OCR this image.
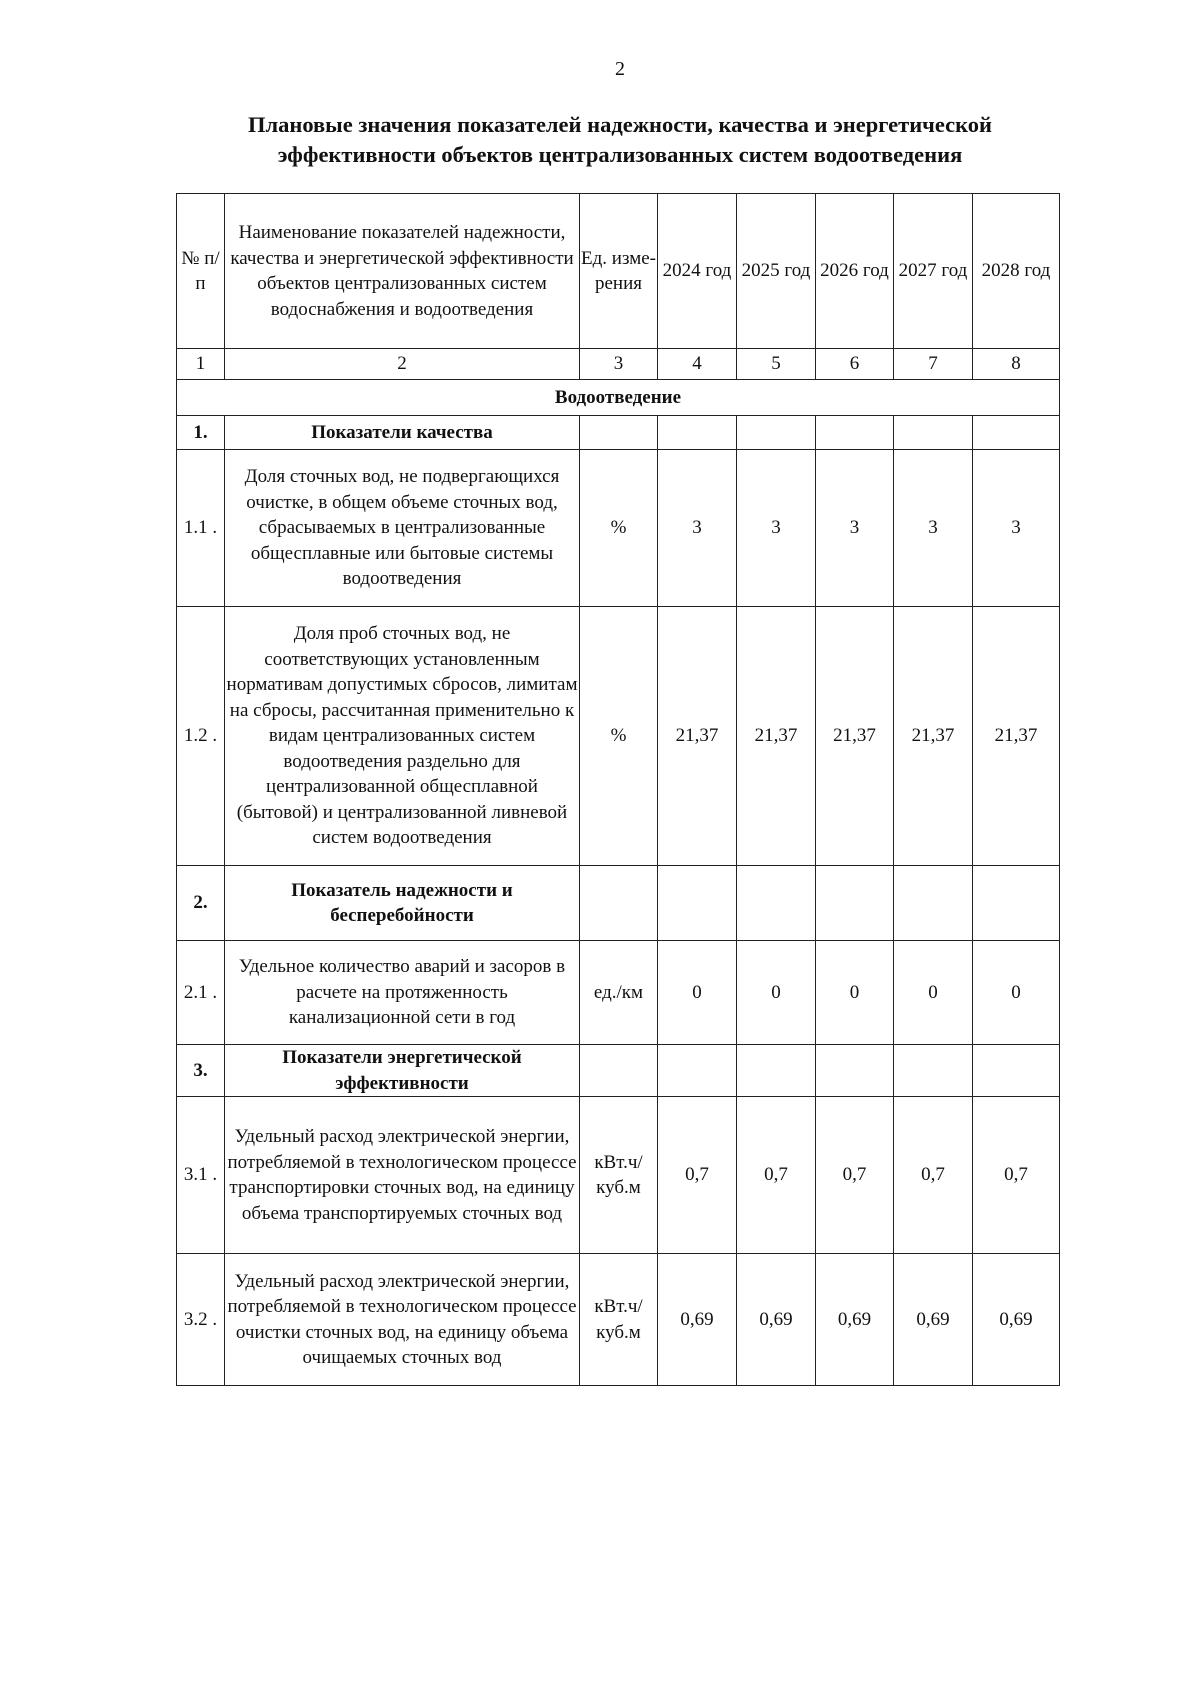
2
Плановые значения показателей надежности, качества и энергетической
эффективности объектов централизованных систем водоотведения
№ п/ п	Наименование показателей надежности, качества и энергетической эффективности объектов централизованных систем водоснабжения и водоотведения	Ед. изме- рения	2024 год	2025 год	2026 год	2027 год	2028 год
1	2	3	4	5	6	7	8
Водоотведение							
1.	Показатели качества						
1.1 .	Доля сточных вод, не подвергающихся очистке, в общем объеме сточных вод, сбрасываемых в централизованные общесплавные или бытовые системы водоотведения	%	3	3	3	3	3
1.2 .	Доля проб сточных вод, не соответствующих установленным нормативам допустимых сбросов, лимитам на сбросы, рассчитанная применительно к видам централизованных систем водоотведения раздельно для централизованной общесплавной (бытовой) и централизованной ливневой систем водоотведения	%	21,37	21,37	21,37	21,37	21,37
2.	Показатель надежности и бесперебойности						
2.1 .	Удельное количество аварий и засоров в расчете на протяженность канализационной сети в год	ед./км	0	0	0	0	0
3.	Показатели энергетической эффективности						
3.1 .	Удельный расход электрической энергии, потребляемой в технологическом процессе транспортировки сточных вод, на единицу объема транспортируемых сточных вод	кВт.ч/ куб.м	0,7	0,7	0,7	0,7	0,7
3.2 .	Удельный расход электрической энергии, потребляемой в технологическом процессе очистки сточных вод, на единицу объема очищаемых сточных вод	кВт.ч/ куб.м	0,69	0,69	0,69	0,69	0,69
